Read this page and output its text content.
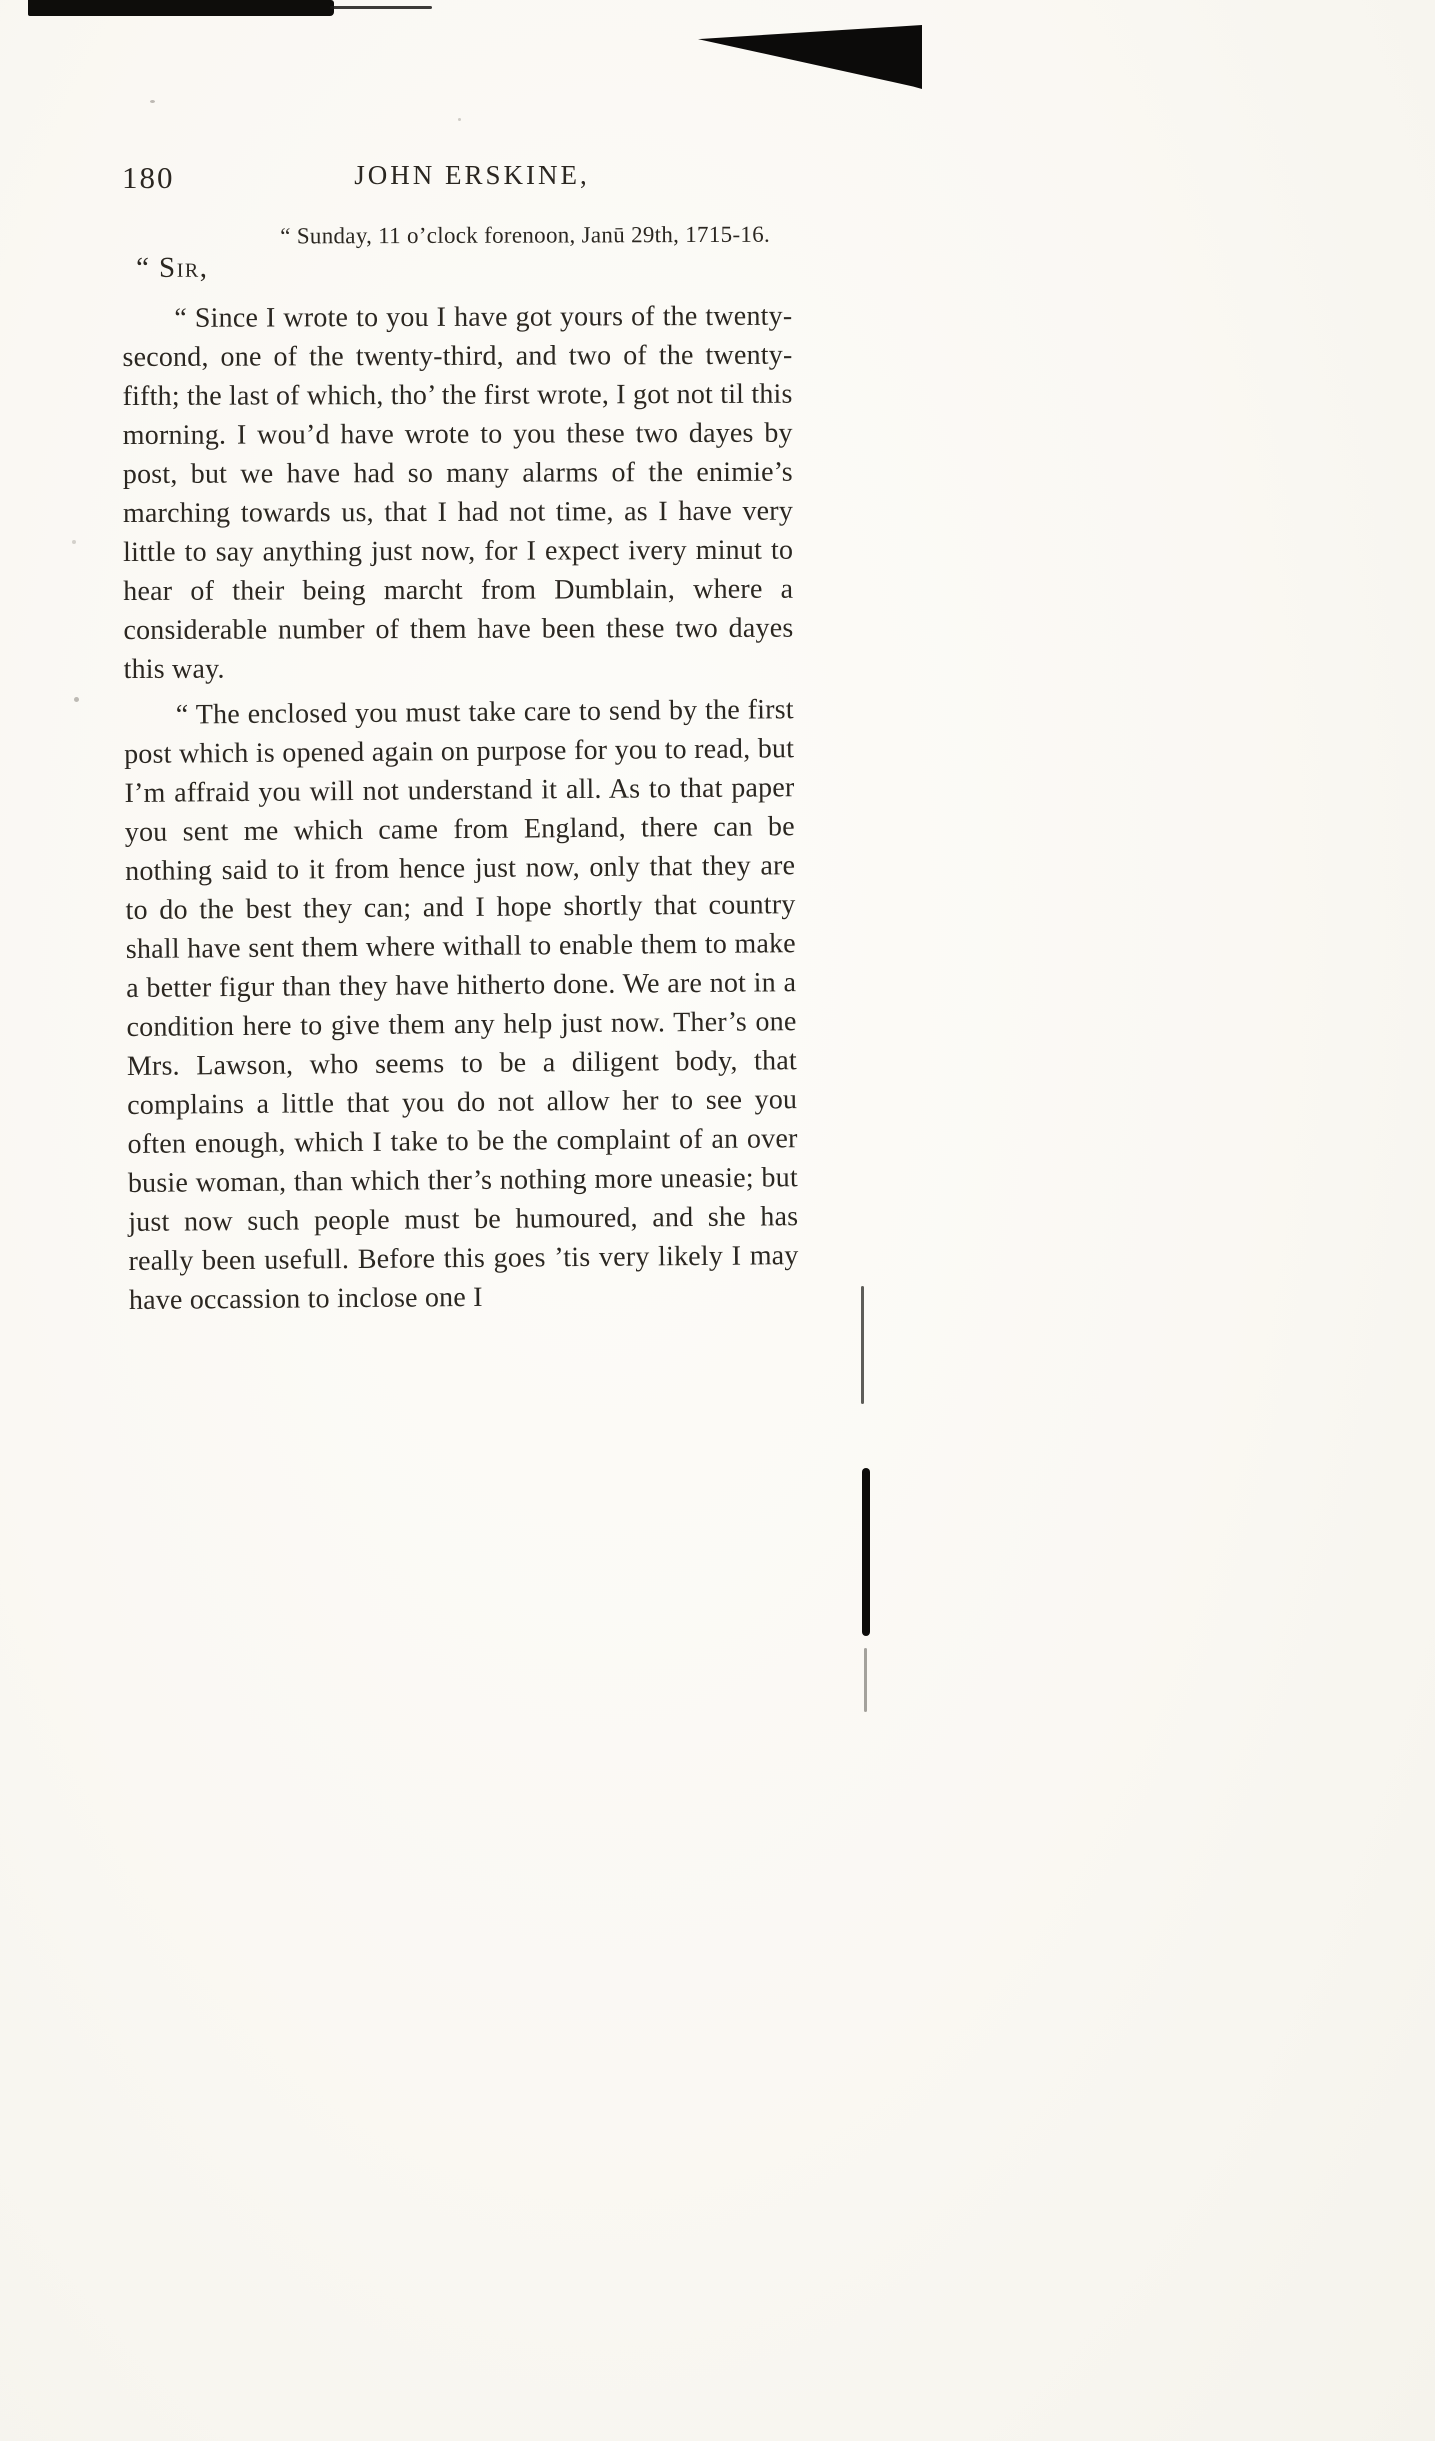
180	JOHN ERSKINE,

“ Sunday, 11 o’clock forenoon, Janū 29th, 1715-16.

“ Sir,

“ Since I wrote to you I have got yours of the twenty-second, one of the twenty-third, and two of the twenty-fifth; the last of which, tho’ the first wrote, I got not til this morning. I wou’d have wrote to you these two dayes by post, but we have had so many alarms of the enimie’s marching towards us, that I had not time, as I have very little to say anything just now, for I expect ivery minut to hear of their being marcht from Dumblain, where a considerable number of them have been these two dayes this way.

“ The enclosed you must take care to send by the first post which is opened again on purpose for you to read, but I’m affraid you will not understand it all. As to that paper you sent me which came from England, there can be nothing said to it from hence just now, only that they are to do the best they can; and I hope shortly that country shall have sent them where withall to enable them to make a better figur than they have hitherto done. We are not in a condition here to give them any help just now. Ther’s one Mrs. Lawson, who seems to be a diligent body, that complains a little that you do not allow her to see you often enough, which I take to be the complaint of an over busie woman, than which ther’s nothing more uneasie; but just now such people must be humoured, and she has really been usefull. Before this goes ’tis very likely I may have occassion to inclose one I
